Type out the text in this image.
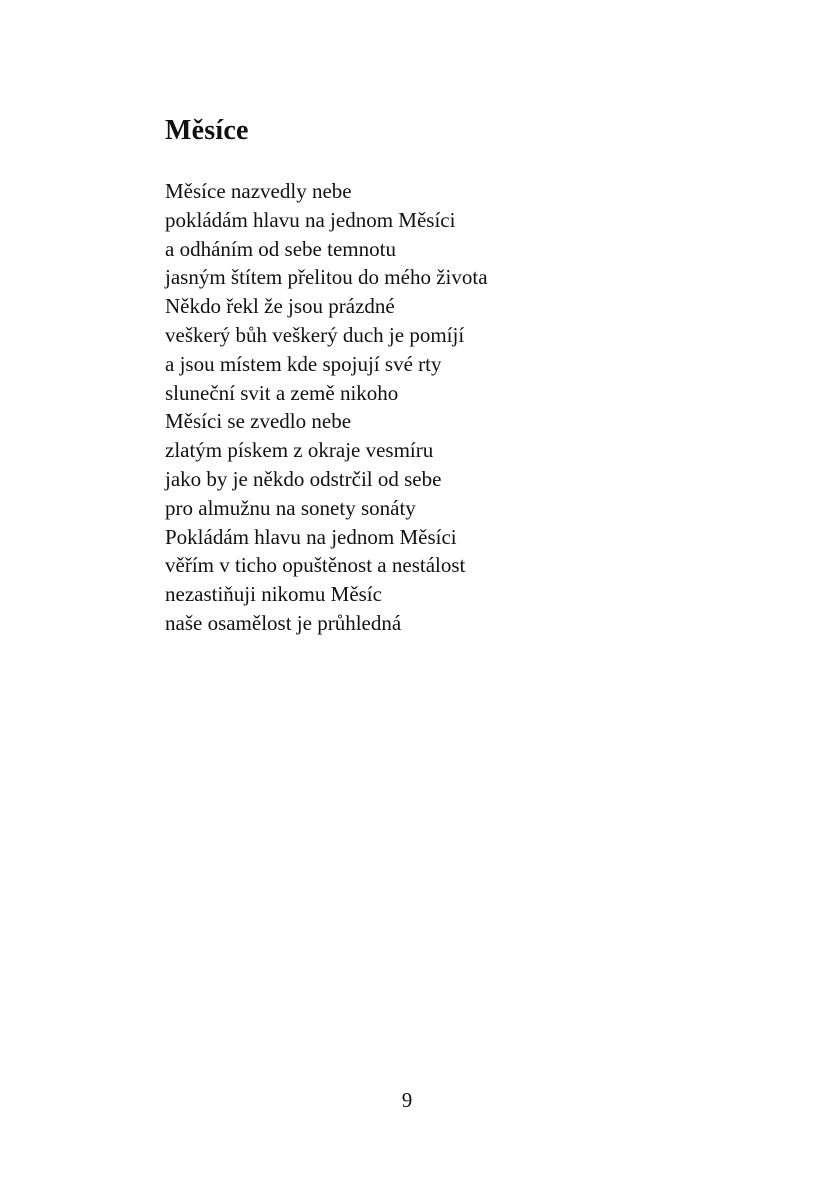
Měsíce
Měsíce nazvedly nebe
pokládám hlavu na jednom Měsíci
a odháním od sebe temnotu
jasným štítem přelitou do mého života
Někdo řekl že jsou prázdné
veškerý bůh veškerý duch je pomíjí
a jsou místem kde spojují své rty
sluneční svit a země nikoho
Měsíci se zvedlo nebe
zlatým pískem z okraje vesmíru
jako by je někdo odstrčil od sebe
pro almužnu na sonety sonáty
Pokládám hlavu na jednom Měsíci
věřím v ticho opuštěnost a nestálost
nezastiňuji nikomu Měsíc
naše osamělost je průhledná
9
